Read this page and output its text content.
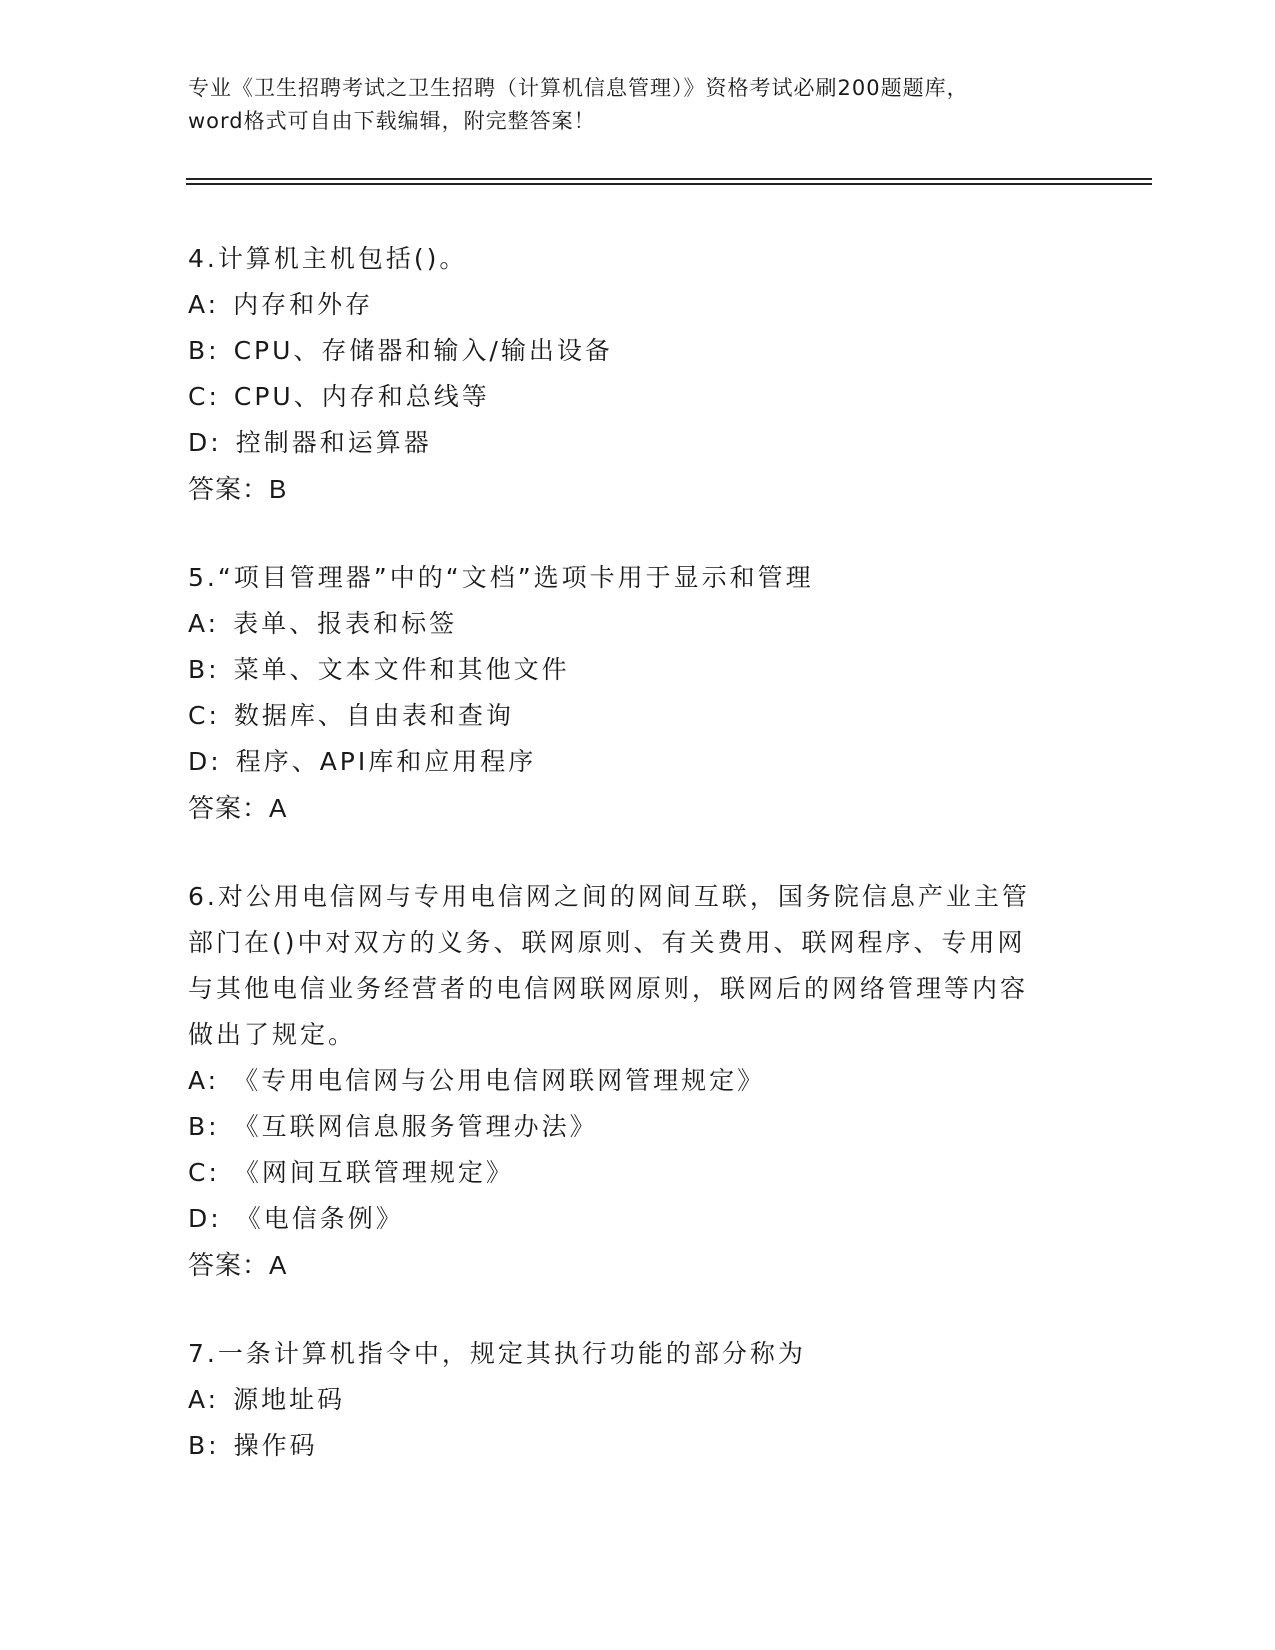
专业《卫生招聘考试之卫生招聘（计算机信息管理）》资格考试必刷200题题库，
word格式可自由下载编辑，附完整答案！
4.计算机主机包括()。
A: 内存和外存
B: CPU、存储器和输入/输出设备
C: CPU、内存和总线等
D: 控制器和运算器
答案：B
5.“项目管理器”中的“文档”选项卡用于显示和管理
A: 表单、报表和标签
B: 菜单、文本文件和其他文件
C: 数据库、自由表和查询
D: 程序、API库和应用程序
答案：A
6.对公用电信网与专用电信网之间的网间互联，国务院信息产业主管
部门在()中对双方的义务、联网原则、有关费用、联网程序、专用网
与其他电信业务经营者的电信网联网原则，联网后的网络管理等内容
做出了规定。
A: 《专用电信网与公用电信网联网管理规定》
B: 《互联网信息服务管理办法》
C: 《网间互联管理规定》
D: 《电信条例》
答案：A
7.一条计算机指令中，规定其执行功能的部分称为
A: 源地址码
B: 操作码
